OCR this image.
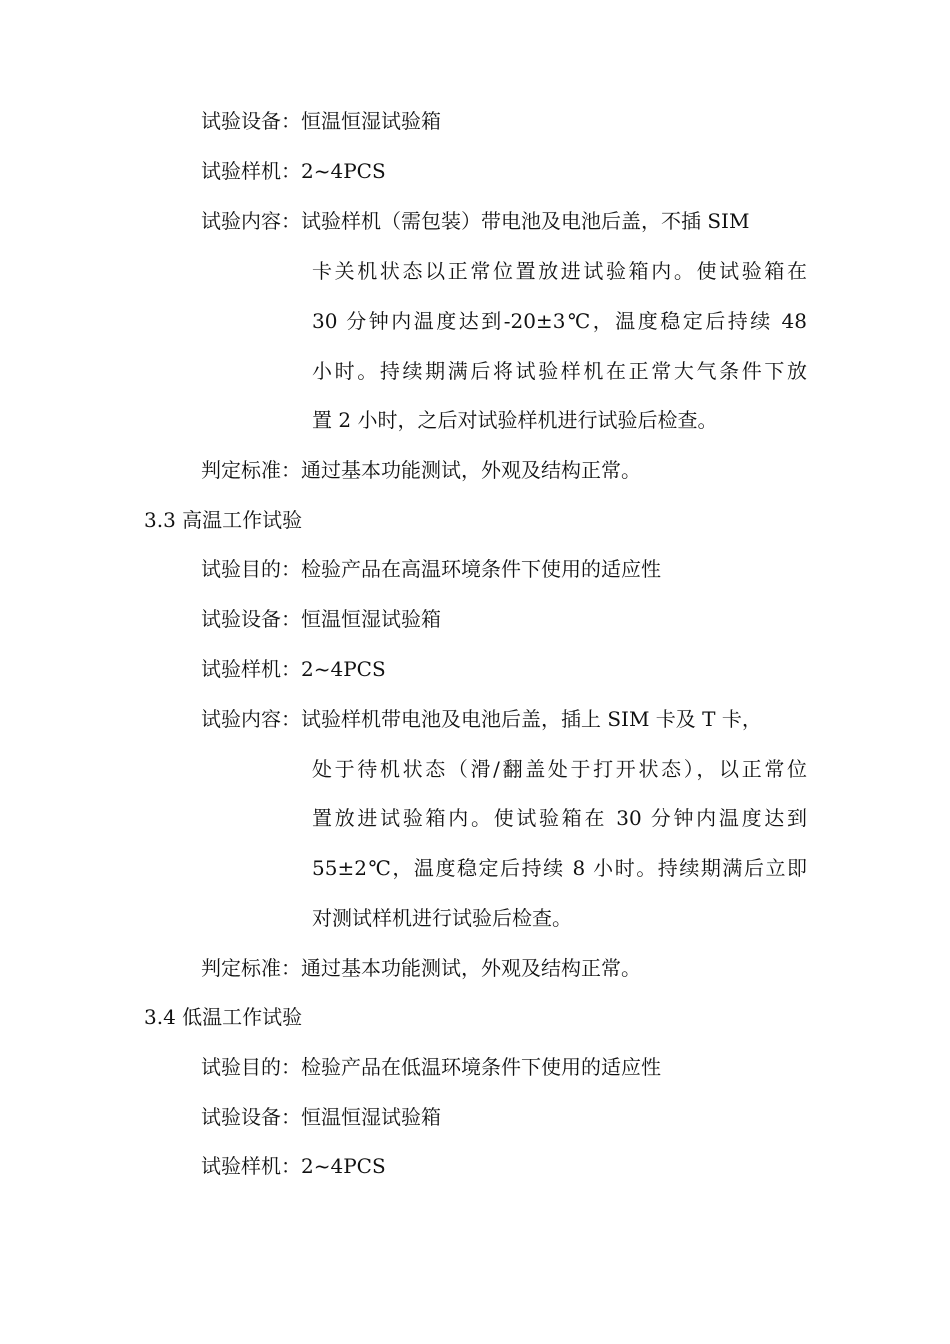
试验设备：恒温恒湿试验箱
试验样机：2~4PCS
试验内容：试验样机（需包装）带电池及电池后盖，不插 SIM
卡关机状态以正常位置放进试验箱内。使试验箱在
30 分钟内温度达到-20±3℃，温度稳定后持续 48
小时。持续期满后将试验样机在正常大气条件下放
置 2 小时，之后对试验样机进行试验后检查。
判定标准：通过基本功能测试，外观及结构正常。
3.3 高温工作试验
试验目的：检验产品在高温环境条件下使用的适应性
试验设备：恒温恒湿试验箱
试验样机：2~4PCS
试验内容：试验样机带电池及电池后盖，插上 SIM 卡及 T 卡，
处于待机状态（滑/翻盖处于打开状态），以正常位
置放进试验箱内。使试验箱在 30 分钟内温度达到
55±2℃，温度稳定后持续 8 小时。持续期满后立即
对测试样机进行试验后检查。
判定标准：通过基本功能测试，外观及结构正常。
3.4 低温工作试验
试验目的：检验产品在低温环境条件下使用的适应性
试验设备：恒温恒湿试验箱
试验样机：2~4PCS
